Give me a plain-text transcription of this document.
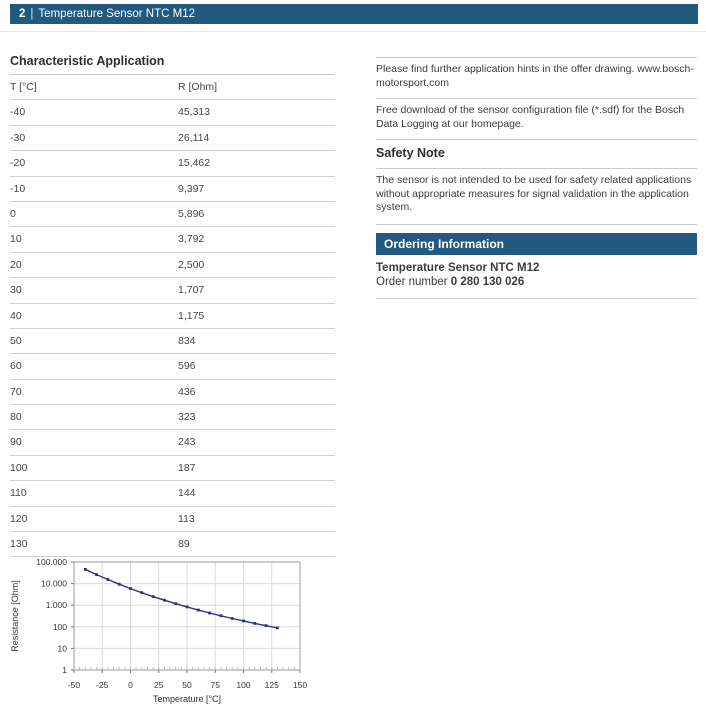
2 | Temperature Sensor NTC M12
Characteristic Application
T [°C]	R [Ohm]
-40	45,313
-30	26,114
-20	15,462
-10	9,397
0	5,896
10	3,792
20	2,500
30	1,707
40	1,175
50	834
60	596
70	436
80	323
90	243
100	187
110	144
120	113
130	89
-50 -25 0 25 50 75 100 125 150
1
10
100
1.000
10.000
100.000
Temperature [°C]
Resistance [Ohm]
Please find further application hints in the offer drawing. www.bosch-motorsport.com
Free download of the sensor configuration file (*.sdf) for the Bosch Data Logging at our homepage.
Safety Note
The sensor is not intended to be used for safety related applications without appropriate measures for signal validation in the application system.
Ordering Information
Temperature Sensor NTC M12
Order number 0 280 130 026
